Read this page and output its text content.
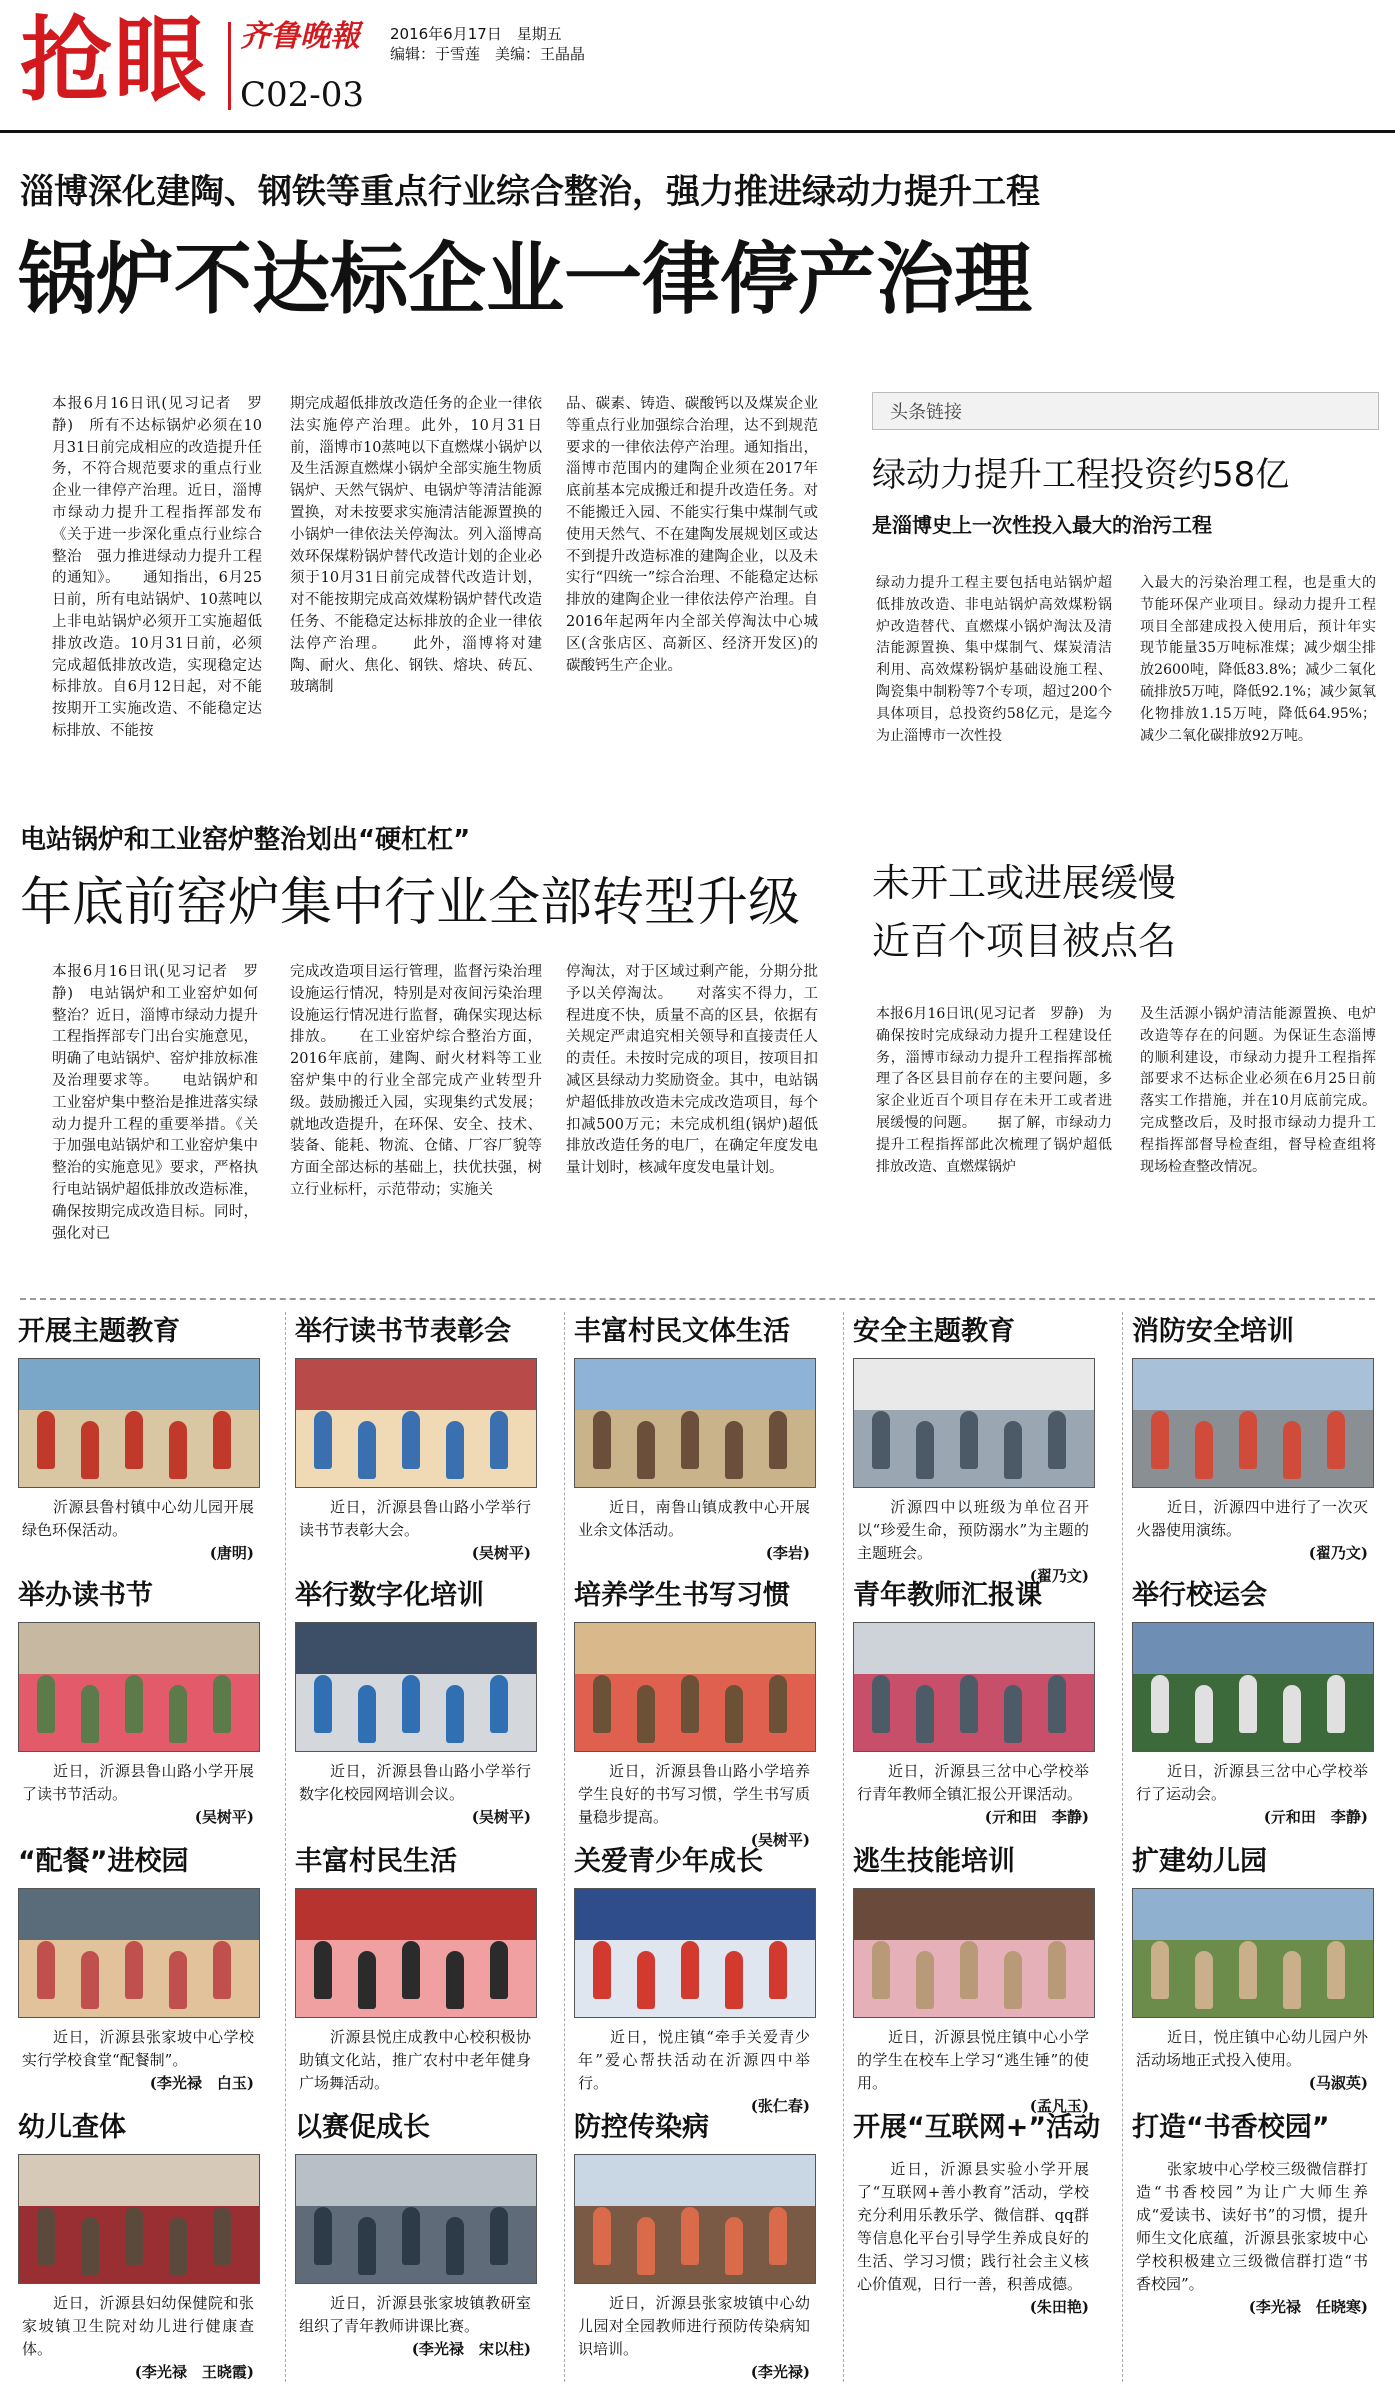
抢眼 齐鲁晚報 2016年6月17日　星期五
编辑：于雪莲　美编：王晶晶
C02-03
淄博深化建陶、钢铁等重点行业综合整治，强力推进绿动力提升工程
锅炉不达标企业一律停产治理
本报6月16日讯(见习记者　罗静)　所有不达标锅炉必须在10月31日前完成相应的改造提升任务，不符合规范要求的重点行业企业一律停产治理。近日，淄博市绿动力提升工程指挥部发布《关于进一步深化重点行业综合整治　强力推进绿动力提升工程的通知》。　　通知指出，6月25日前，所有电站锅炉、10蒸吨以上非电站锅炉必须开工实施超低排放改造。10月31日前，必须完成超低排放改造，实现稳定达标排放。自6月12日起，对不能按期开工实施改造、不能稳定达标排放、不能按
期完成超低排放改造任务的企业一律依法实施停产治理。此外，10月31日前，淄博市10蒸吨以下直燃煤小锅炉以及生活源直燃煤小锅炉全部实施生物质锅炉、天然气锅炉、电锅炉等清洁能源置换，对未按要求实施清洁能源置换的小锅炉一律依法关停淘汰。列入淄博高效环保煤粉锅炉替代改造计划的企业必须于10月31日前完成替代改造计划，对不能按期完成高效煤粉锅炉替代改造任务、不能稳定达标排放的企业一律依法停产治理。　　此外，淄博将对建陶、耐火、焦化、钢铁、熔块、砖瓦、玻璃制
品、碳素、铸造、碳酸钙以及煤炭企业等重点行业加强综合治理，达不到规范要求的一律依法停产治理。通知指出，淄博市范围内的建陶企业须在2017年底前基本完成搬迁和提升改造任务。对不能搬迁入园、不能实行集中煤制气或使用天然气、不在建陶发展规划区或达不到提升改造标准的建陶企业，以及未实行“四统一”综合治理、不能稳定达标排放的建陶企业一律依法停产治理。自2016年起两年内全部关停淘汰中心城区(含张店区、高新区、经济开发区)的碳酸钙生产企业。
头条链接
绿动力提升工程投资约58亿
是淄博史上一次性投入最大的治污工程
绿动力提升工程主要包括电站锅炉超低排放改造、非电站锅炉高效煤粉锅炉改造替代、直燃煤小锅炉淘汰及清洁能源置换、集中煤制气、煤炭清洁利用、高效煤粉锅炉基础设施工程、陶瓷集中制粉等7个专项，超过200个具体项目，总投资约58亿元，是迄今为止淄博市一次性投
入最大的污染治理工程，也是重大的节能环保产业项目。绿动力提升工程项目全部建成投入使用后，预计年实现节能量35万吨标准煤；减少烟尘排放2600吨，降低83.8%；减少二氧化硫排放5万吨，降低92.1%；减少氮氧化物排放1.15万吨，降低64.95%；减少二氧化碳排放92万吨。
电站锅炉和工业窑炉整治划出“硬杠杠”
年底前窑炉集中行业全部转型升级
本报6月16日讯(见习记者　罗静)　电站锅炉和工业窑炉如何整治？近日，淄博市绿动力提升工程指挥部专门出台实施意见，明确了电站锅炉、窑炉排放标准及治理要求等。　　电站锅炉和工业窑炉集中整治是推进落实绿动力提升工程的重要举措。《关于加强电站锅炉和工业窑炉集中整治的实施意见》要求，严格执行电站锅炉超低排放改造标准，确保按期完成改造目标。同时，强化对已
完成改造项目运行管理，监督污染治理设施运行情况，特别是对夜间污染治理设施运行情况进行监督，确保实现达标排放。　　在工业窑炉综合整治方面，2016年底前，建陶、耐火材料等工业窑炉集中的行业全部完成产业转型升级。鼓励搬迁入园，实现集约式发展；就地改造提升，在环保、安全、技术、装备、能耗、物流、仓储、厂容厂貌等方面全部达标的基础上，扶优扶强，树立行业标杆，示范带动；实施关
停淘汰，对于区域过剩产能，分期分批予以关停淘汰。　　对落实不得力，工程进度不快，质量不高的区县，依据有关规定严肃追究相关领导和直接责任人的责任。未按时完成的项目，按项目扣减区县绿动力奖励资金。其中，电站锅炉超低排放改造未完成改造项目，每个扣减500万元；未完成机组(锅炉)超低排放改造任务的电厂，在确定年度发电量计划时，核减年度发电量计划。
未开工或进展缓慢
近百个项目被点名
本报6月16日讯(见习记者　罗静)　为确保按时完成绿动力提升工程建设任务，淄博市绿动力提升工程指挥部梳理了各区县目前存在的主要问题，多家企业近百个项目存在未开工或者进展缓慢的问题。　　据了解，市绿动力提升工程指挥部此次梳理了锅炉超低排放改造、直燃煤锅炉
及生活源小锅炉清洁能源置换、电炉改造等存在的问题。为保证生态淄博的顺利建设，市绿动力提升工程指挥部要求不达标企业必须在6月25日前落实工作措施，并在10月底前完成。完成整改后，及时报市绿动力提升工程指挥部督导检查组，督导检查组将现场检查整改情况。
开展主题教育
　　沂源县鲁村镇中心幼儿园开展绿色环保活动。
(唐明)
举行读书节表彰会
　　近日，沂源县鲁山路小学举行读书节表彰大会。
(吴树平)
丰富村民文体生活
　　近日，南鲁山镇成教中心开展业余文体活动。
(李岩)
安全主题教育
　　沂源四中以班级为单位召开以“珍爱生命，预防溺水”为主题的主题班会。
(翟乃文)
消防安全培训
　　近日，沂源四中进行了一次灭火器使用演练。
(翟乃文)
举办读书节
　　近日，沂源县鲁山路小学开展了读书节活动。
(吴树平)
举行数字化培训
　　近日，沂源县鲁山路小学举行数字化校园网培训会议。
(吴树平)
培养学生书写习惯
　　近日，沂源县鲁山路小学培养学生良好的书写习惯，学生书写质量稳步提高。
(吴树平)
青年教师汇报课
　　近日，沂源县三岔中心学校举行青年教师全镇汇报公开课活动。
(亓和田　李静)
举行校运会
　　近日，沂源县三岔中心学校举行了运动会。
(亓和田　李静)
“配餐”进校园
　　近日，沂源县张家坡中心学校实行学校食堂“配餐制”。
(李光禄　白玉)
丰富村民生活
　　沂源县悦庄成教中心校积极协助镇文化站，推广农村中老年健身广场舞活动。
关爱青少年成长
　　近日，悦庄镇“牵手关爱青少年”爱心帮扶活动在沂源四中举行。
(张仁春)
逃生技能培训
　　近日，沂源县悦庄镇中心小学的学生在校车上学习“逃生锤”的使用。
(孟凡玉)
扩建幼儿园
　　近日，悦庄镇中心幼儿园户外活动场地正式投入使用。
(马淑英)
幼儿查体
　　近日，沂源县妇幼保健院和张家坡镇卫生院对幼儿进行健康查体。
(李光禄　王晓霞)
以赛促成长
　　近日，沂源县张家坡镇教研室组织了青年教师讲课比赛。
(李光禄　宋以柱)
防控传染病
　　近日，沂源县张家坡镇中心幼儿园对全园教师进行预防传染病知识培训。
(李光禄)
开展“互联网+”活动
　　近日，沂源县实验小学开展了“互联网+善小教育”活动，学校充分利用乐教乐学、微信群、qq群等信息化平台引导学生养成良好的生活、学习习惯；践行社会主义核心价值观，日行一善，积善成德。
(朱田艳)
打造“书香校园”
　　张家坡中心学校三级微信群打造“书香校园”为让广大师生养成“爱读书、读好书”的习惯，提升师生文化底蕴，沂源县张家坡中心学校积极建立三级微信群打造“书香校园”。
(李光禄　任晓寒)
